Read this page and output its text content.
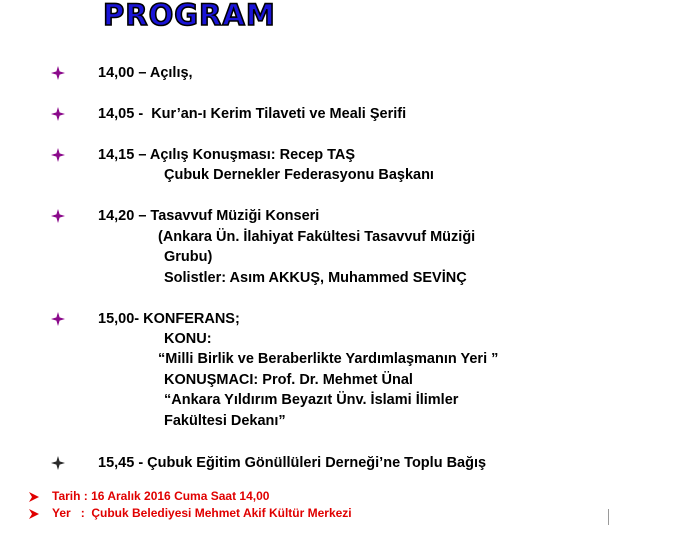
PROGRAM
14,00 – Açılış,
14,05 -  Kur’an-ı Kerim Tilaveti ve Meali Şerifi
14,15 – Açılış Konuşması: Recep TAŞ
Çubuk Dernekler Federasyonu Başkanı
14,20 – Tasavvuf Müziği Konseri
(Ankara Ün. İlahiyat Fakültesi Tasavvuf Müziği
Grubu)
Solistler: Asım AKKUŞ, Muhammed SEVİNÇ
15,00- KONFERANS;
KONU:
“Milli Birlik ve Beraberlikte Yardımlaşmanın Yeri ”
KONUŞMACI: Prof. Dr. Mehmet Ünal
“Ankara Yıldırım Beyazıt Ünv. İslami İlimler
Fakültesi Dekanı”
15,45 - Çubuk Eğitim Gönüllüleri Derneği’ne Toplu Bağış
Tarih : 16 Aralık 2016 Cuma Saat 14,00
Yer   :  Çubuk Belediyesi Mehmet Akif Kültür Merkezi
